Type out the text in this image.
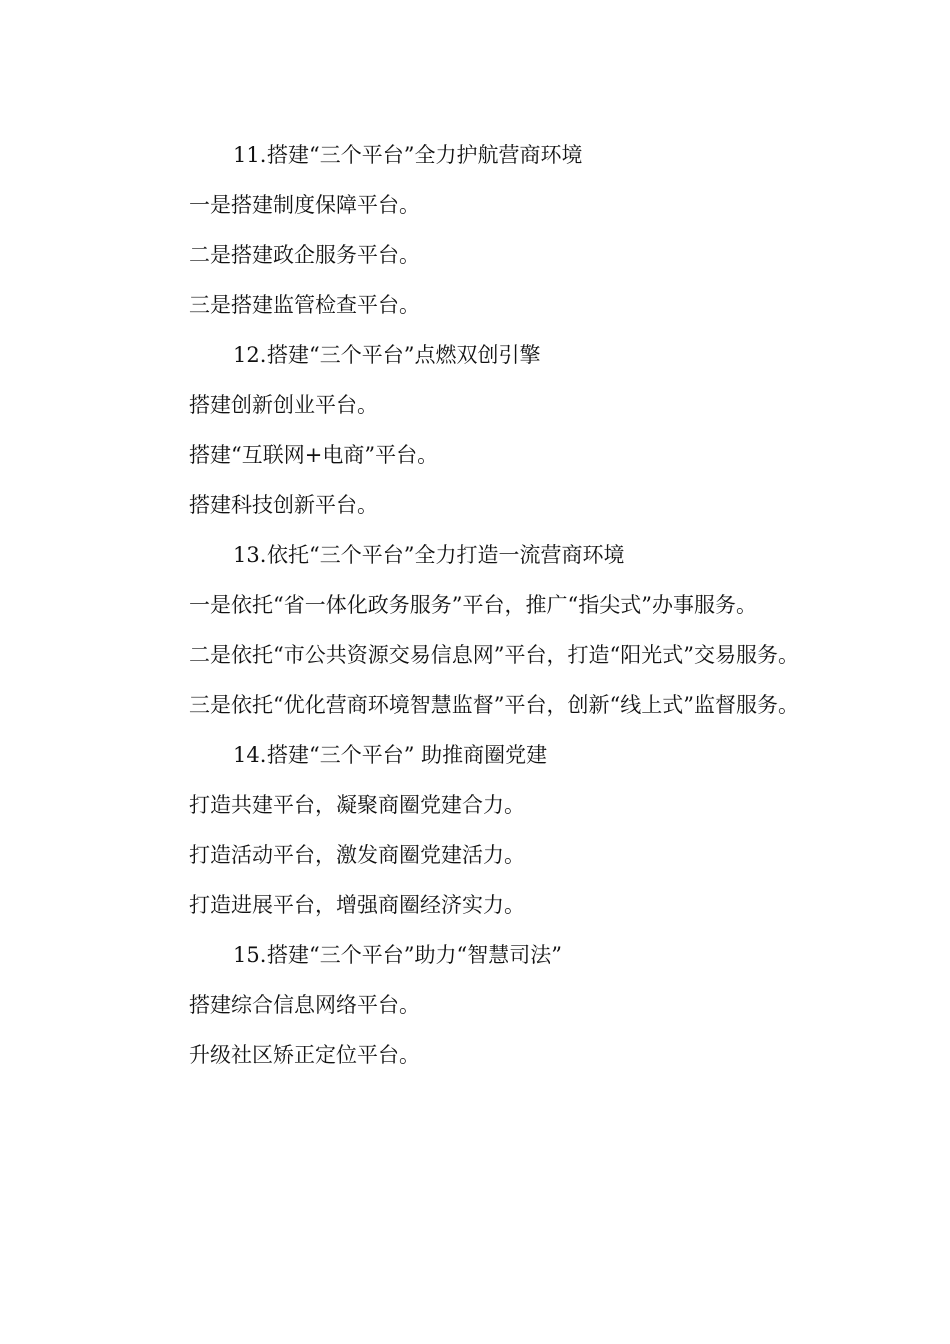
11.搭建“三个平台”全力护航营商环境

一是搭建制度保障平台。

二是搭建政企服务平台。

三是搭建监管检查平台。

12.搭建“三个平台”点燃双创引擎

搭建创新创业平台。

搭建“互联网+电商”平台。

搭建科技创新平台。

13.依托“三个平台”全力打造一流营商环境

一是依托“省一体化政务服务”平台，推广“指尖式”办事服务。

二是依托“市公共资源交易信息网”平台，打造“阳光式”交易服务。

三是依托“优化营商环境智慧监督”平台，创新“线上式”监督服务。

14.搭建“三个平台” 助推商圈党建

打造共建平台，凝聚商圈党建合力。

打造活动平台，激发商圈党建活力。

打造进展平台，增强商圈经济实力。

15.搭建“三个平台”助力“智慧司法”

搭建综合信息网络平台。

升级社区矫正定位平台。
